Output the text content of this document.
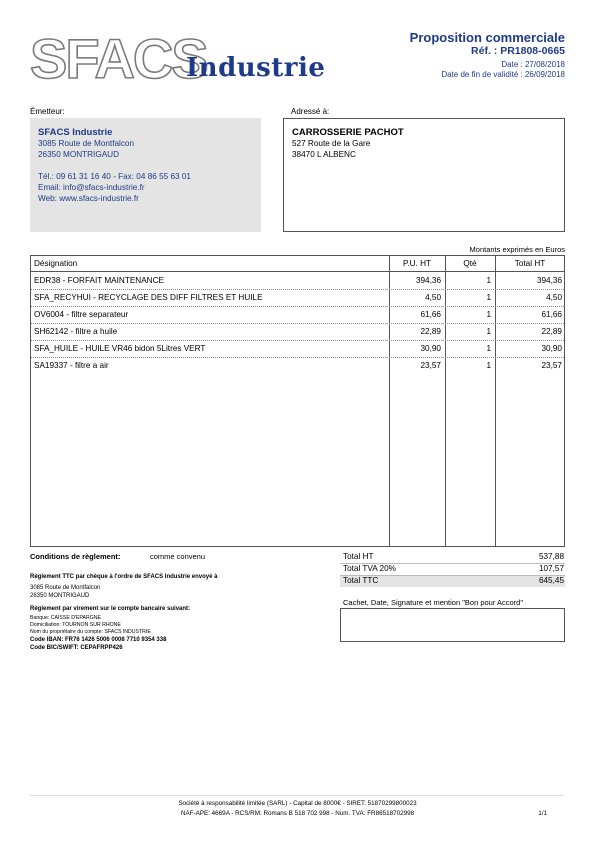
SFACS
Industrie
Proposition commerciale
Réf. : PR1808-0665
Date : 27/08/2018
Date de fin de validité : 26/09/2018
Émetteur:
SFACS Industrie
3085 Route de Montfalcon
26350 MONTRIGAUD
Tél.: 09 61 31 16 40 - Fax: 04 86 55 63 01
Email: info@sfacs-industrie.fr
Web: www.sfacs-industrie.fr
Adressé à:
CARROSSERIE PACHOT
527 Route de la Gare
38470 L ALBENC
Montants exprimés en Euros
Désignation	P.U. HT	Qté	Total HT
EDR38 - FORFAIT MAINTENANCE	394,36	1	394,36
SFA_RECYHUI - RECYCLAGE DES DIFF FILTRES ET HUILE	4,50	1	4,50
OV6004 - filtre separateur	61,66	1	61,66
SH62142 - filtre a huile	22,89	1	22,89
SFA_HUILE - HUILE VR46 bidon 5Litres VERT	30,90	1	30,90
SA19337 - filtre a air	23,57	1	23,57
Conditions de règlement:	comme convenu
Règlement TTC par chèque à l'ordre de SFACS Industrie envoyé à
3085 Route de Montfalcon
26350 MONTRIGAUD
Règlement par virement sur le compte bancaire suivant:
Banque: CAISSE D'EPARGNE
Domiciliation: TOURNON SUR RHONE
Nom du propriétaire du compte: SFACS INDUSTRIE
Code IBAN: FR76 1426 5006 0008 7710 9354 338
Code BIC/SWIFT: CEPAFRPP426
Total HT	537,88
Total TVA 20%	107,57
Total TTC	645,45
Cachet, Date, Signature et mention "Bon pour Accord"
Société à responsabilité limitée (SARL) - Capital de 8000€ - SIRET: 51870299800023
NAF-APE: 4669A - RCS/RM: Romans B 518 702 998 - Num. TVA: FR86518702998	1/1
